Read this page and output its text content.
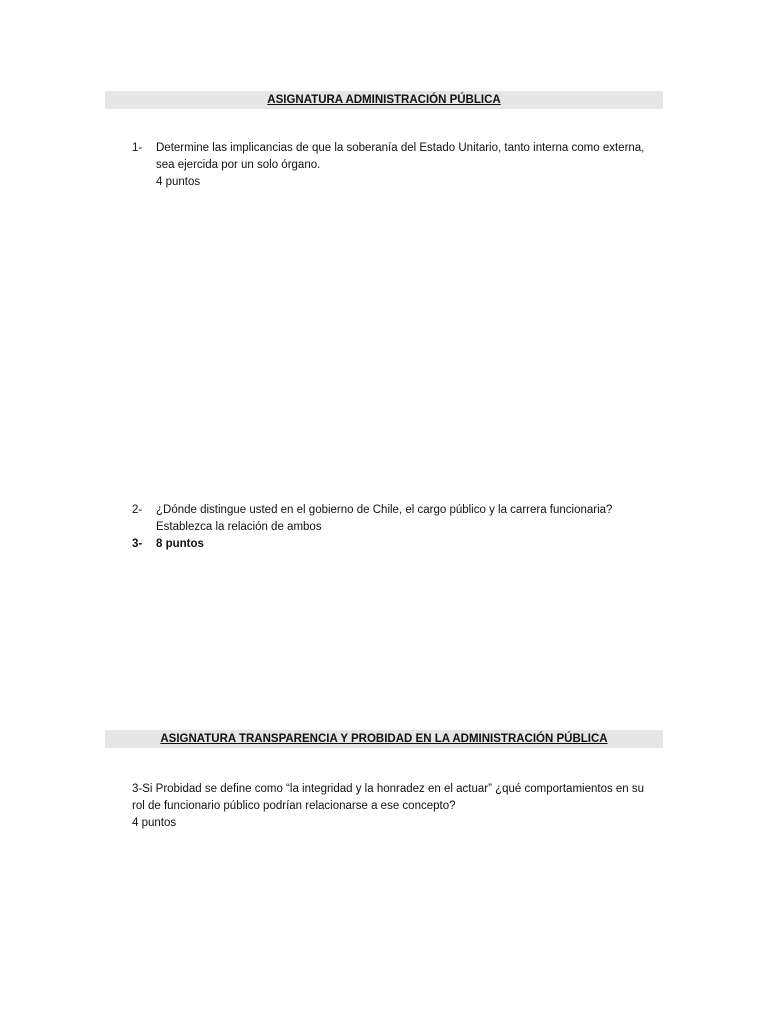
ASIGNATURA ADMINISTRACIÓN PÚBLICA
1- Determine las implicancias de que la soberanía del Estado Unitario, tanto interna como externa,
sea ejercida por un solo órgano.
4 puntos
2- ¿Dónde distingue usted en el gobierno de Chile, el cargo público y la carrera funcionaria?
Establezca la relación de ambos
3- 8 puntos
ASIGNATURA TRANSPARENCIA Y PROBIDAD EN LA ADMINISTRACIÓN PÚBLICA
3-Si Probidad se define como “la integridad y la honradez en el actuar” ¿qué comportamientos en su
rol de funcionario público podrían relacionarse a ese concepto?
4 puntos
